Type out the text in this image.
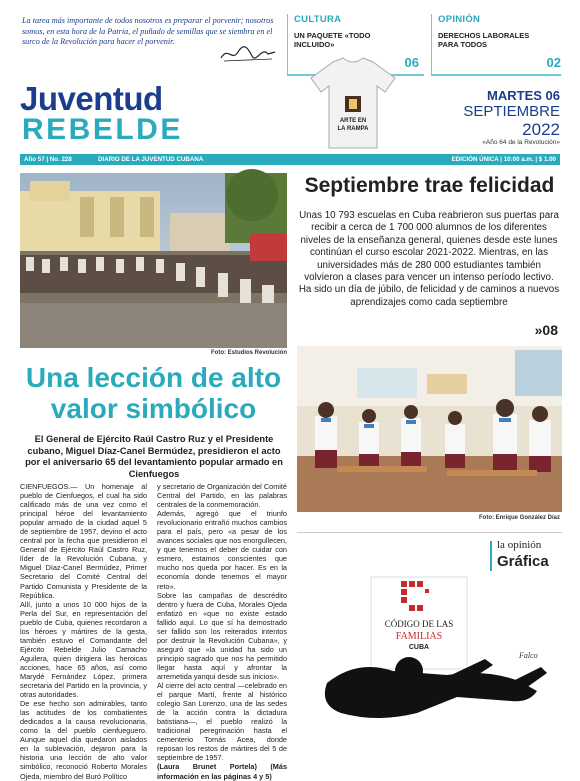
La tarea más importante de todos nosotros es preparar el porvenir; nosotros somos, en esta hora de la Patria, el puñado de semillas que se siembra en el surco de la Revolución para hacer el porvenir.

CULTURA
UN PAQUETE «TODO INCLUIDO»
06
OPINIÓN
DERECHOS LABORALES PARA TODOS
02
Juventud
REBELDE	ARTE EN
LA RAMPA
MARTES 06
SEPTIEMBRE
2022
«Año 64 de la Revolución»
Año 57 | No. 228	DIARIO DE LA JUVENTUD CUBANA	EDICIÓN ÚNICA | 10:00 a.m. | $ 1.00
Foto: Estudios Revolución
Septiembre trae felicidad

Unas 10 793 escuelas en Cuba reabrieron sus puertas para recibir a cerca de 1 700 000 alumnos de los diferentes niveles de la enseñanza general, quienes desde este lunes continúan el curso escolar 2021-2022. Mientras, en las universidades más de 280 000 estudiantes también volvieron a clases para vencer un intenso período lectivo. Ha sido un día de júbilo, de felicidad y de caminos a nuevos aprendizajes como cada septiembre

»08
Foto: Enrique González Díaz
Una lección de alto valor simbólico

El General de Ejército Raúl Castro Ruz y el Presidente cubano, Miguel Díaz-Canel Bermúdez, presidieron el acto por el aniversario 65 del levantamiento popular armado en Cienfuegos

CIENFUEGOS.— Un homenaje al pueblo de Cienfuegos, el cual ha sido calificado más de una vez como el principal héroe del levantamiento popular armado de la ciudad aquel 5 de septiembre de 1957, devino el acto central por la fecha que presidieron el General de Ejército Raúl Castro Ruz, líder de la Revolución Cubana, y Miguel Díaz-Canel Bermúdez, Primer Secretario del Comité Central del Partido Comunista y Presidente de la República.

Allí, junto a unos 10 000 hijos de la Perla del Sur, en representación del pueblo de Cuba, quienes recordaron a los héroes y mártires de la gesta, también estuvo el Comandante del Ejército Rebelde Julio Camacho Aguilera, quien dirigiera las heroicas acciones, hace 65 años, así como Marydé Fernández López, primera secretaria del Partido en la provincia, y otras autoridades.

De ese hecho son admirables, tanto las actitudes de los combatientes dedicados a la causa revolucionaria, como la del pueblo cienfueguero. Aunque aquel día quedaron aislados en la sublevación, dejaron para la historia una lección de alto valor simbólico, reconoció Roberto Morales Ojeda, miembro del Buró Político

y secretario de Organización del Comité Central del Partido, en las palabras centrales de la conmemoración.

Además, agregó que el triunfo revolucionario entrañó muchos cambios para el país, pero «a pesar de los avances sociales que nos enorgullecen, y que tenemos el deber de cuidar con esmero, estamos conscientes que mucho nos queda por hacer. Es en la economía donde tenemos el mayor reto».

Sobre las campañas de descrédito dentro y fuera de Cuba, Morales Ojeda enfatizó en «que no existe estado fallido aquí. Lo que sí ha demostrado ser fallido son los reiterados intentos por destruir la Revolución Cubana», y aseguró que «la unidad ha sido un principio sagrado que nos ha permitido llegar hasta aquí y afrontar la arremetida yanqui desde sus inicios».

Al cierre del acto central —celebrado en el parque Martí, frente al histórico colegio San Lorenzo, una de las sedes de la acción contra la dictadura batistiana—, el pueblo realizó la tradicional peregrinación hasta el cementerio Tomás Acea, donde reposan los restos de mártires del 5 de septiembre de 1957.

(Laura Brunet Portela) (Más información en las páginas 4 y 5)

la opinión
Gráfica
CÓDIGO DE LAS
FAMILIAS
CUBA
Falco
